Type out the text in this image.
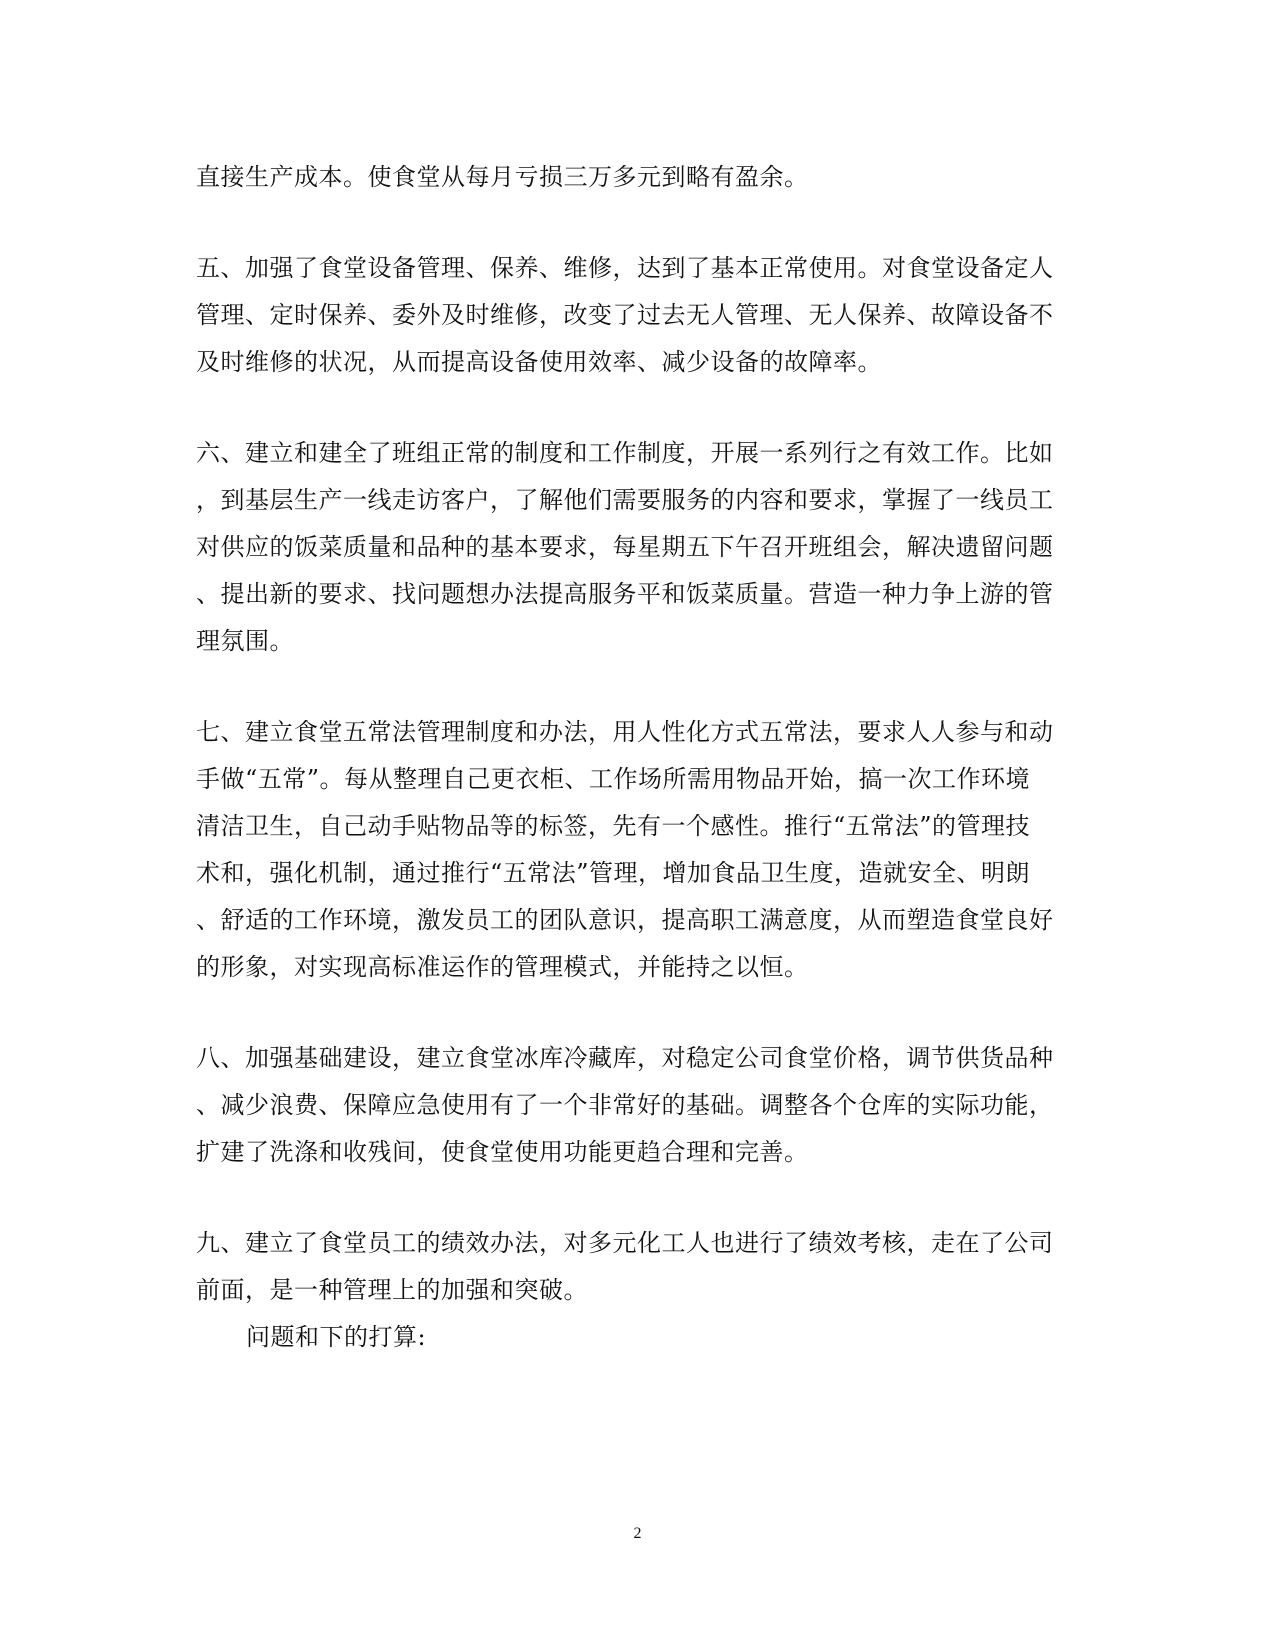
直接生产成本。使食堂从每月亏损三万多元到略有盈余。
五、加强了食堂设备管理、保养、维修，达到了基本正常使用。对食堂设备定人
管理、定时保养、委外及时维修，改变了过去无人管理、无人保养、故障设备不
及时维修的状况，从而提高设备使用效率、减少设备的故障率。
六、建立和建全了班组正常的制度和工作制度，开展一系列行之有效工作。比如
，到基层生产一线走访客户，了解他们需要服务的内容和要求，掌握了一线员工
对供应的饭菜质量和品种的基本要求，每星期五下午召开班组会，解决遗留问题
、提出新的要求、找问题想办法提高服务平和饭菜质量。营造一种力争上游的管
理氛围。
七、建立食堂五常法管理制度和办法，用人性化方式五常法，要求人人参与和动
手做“五常”。每从整理自己更衣柜、工作场所需用物品开始，搞一次工作环境
清洁卫生，自己动手贴物品等的标签，先有一个感性。推行“五常法”的管理技
术和，强化机制，通过推行“五常法”管理，增加食品卫生度，造就安全、明朗
、舒适的工作环境，激发员工的团队意识，提高职工满意度，从而塑造食堂良好
的形象，对实现高标准运作的管理模式，并能持之以恒。
八、加强基础建设，建立食堂冰库冷藏库，对稳定公司食堂价格，调节供货品种
、减少浪费、保障应急使用有了一个非常好的基础。调整各个仓库的实际功能，
扩建了洗涤和收残间，使食堂使用功能更趋合理和完善。
九、建立了食堂员工的绩效办法，对多元化工人也进行了绩效考核，走在了公司
前面，是一种管理上的加强和突破。
问题和下的打算:
2
